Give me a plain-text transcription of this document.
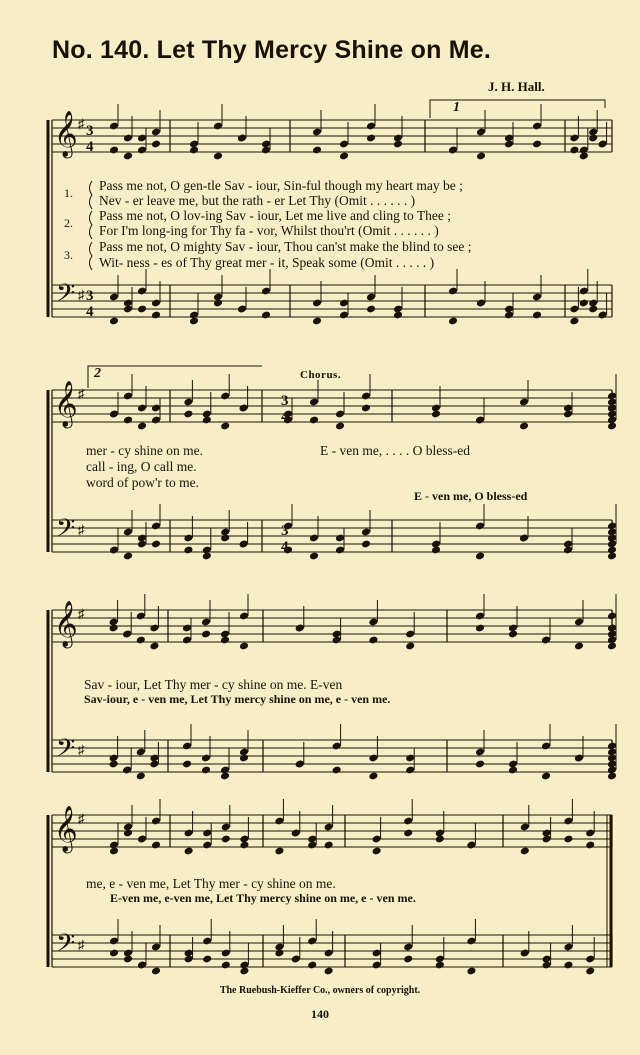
No. 140. Let Thy Mercy Shine on Me.
J. H. Hall.
𝄞
𝄢
♯
♯
𝄞
𝄢
♯
♯
𝄞
𝄢
♯
♯
𝄞
𝄢
♯
♯
3
4
3
4
3
4
3
4
1
1.
2.
3.
Pass me not, O gen-tle Sav - iour, Sin-ful though my heart may be ;
Nev - er leave me, but the rath - er Let Thy (Omit . . . . . . )
Pass me not, O lov-ing Sav - iour, Let me live and cling to Thee ;
For I'm long-ing for Thy fa - vor, Whilst thou'rt (Omit . . . . . . )
Pass me not, O mighty Sav - iour, Thou can'st make the blind to see ;
Wit- ness - es of Thy great mer - it, Speak some (Omit . . . . . )
2	Chorus.
mer - cy shine on me.
call - ing, O call me.
word of pow'r to me.
E - ven me, . . . . O bless-ed
E - ven me, O bless-ed
Sav - iour, Let Thy mer - cy shine on me. E-ven
Sav-iour, e - ven me, Let Thy mercy shine on me, e - ven me.
me, e - ven me, Let Thy mer - cy shine on me.
E-ven me, e-ven me, Let Thy mercy shine on me, e - ven me.
The Ruebush-Kieffer Co., owners of copyright.
140
